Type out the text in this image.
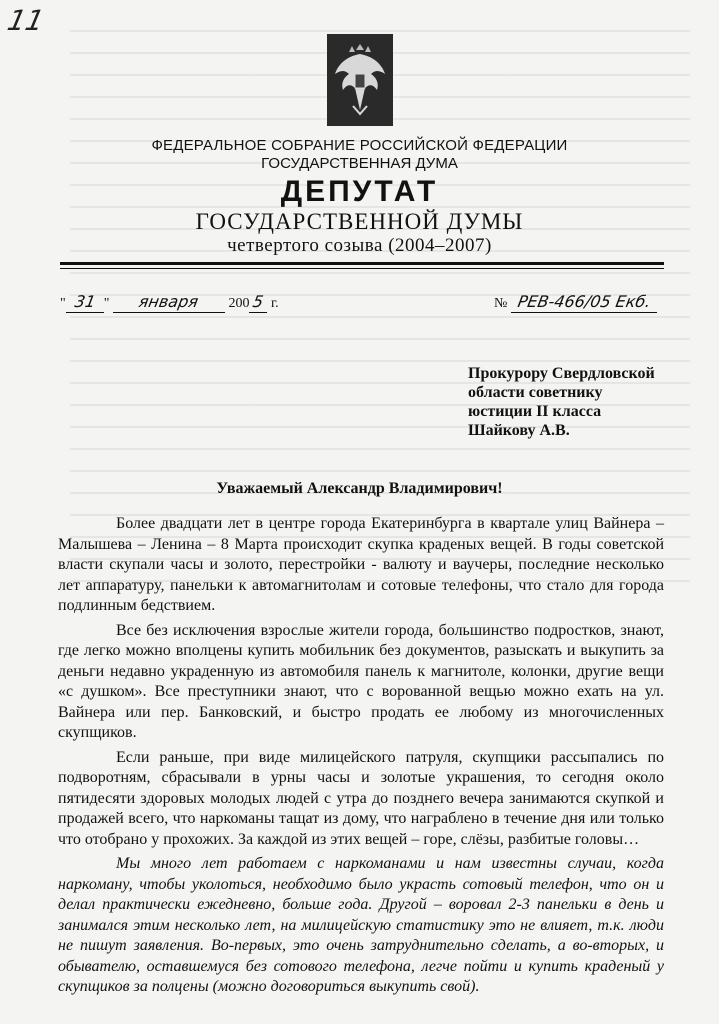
11
ФЕДЕРАЛЬНОЕ СОБРАНИЕ РОССИЙСКОЙ ФЕДЕРАЦИИ
ГОСУДАРСТВЕННАЯ ДУМА
ДЕПУТАТ
ГОСУДАРСТВЕННОЙ ДУМЫ
четвертого созыва (2004–2007)
" 31 " января 200 5 г.	№ РЕВ-466/05 Екб.
Прокурору Свердловской
области советнику
юстиции II класса
Шайкову А.В.
Уважаемый Александр Владимирович!

Более двадцати лет в центре города Екатеринбурга в квартале улиц Вайнера – Малышева – Ленина – 8 Марта происходит скупка краденых вещей. В годы советской власти скупали часы и золото, перестройки - валюту и ваучеры, последние несколько лет аппаратуру, панельки к автомагнитолам и сотовые телефоны, что стало для города подлинным бедствием.

Все без исключения взрослые жители города, большинство подростков, знают, где легко можно вполцены купить мобильник без документов, разыскать и выкупить за деньги недавно украденную из автомобиля панель к магнитоле, колонки, другие вещи «с душком». Все преступники знают, что с ворованной вещью можно ехать на ул. Вайнера или пер. Банковский, и быстро продать ее любому из многочисленных скупщиков.

Если раньше, при виде милицейского патруля, скупщики рассыпались по подворотням, сбрасывали в урны часы и золотые украшения, то сегодня около пятидесяти здоровых молодых людей с утра до позднего вечера занимаются скупкой и продажей всего, что наркоманы тащат из дому, что награблено в течение дня или только что отобрано у прохожих. За каждой из этих вещей – горе, слёзы, разбитые головы…

Мы много лет работаем с наркоманами и нам известны случаи, когда наркоману, чтобы уколоться, необходимо было украсть сотовый телефон, что он и делал практически ежедневно, больше года. Другой – воровал 2-3 панельки в день и занимался этим несколько лет, на милицейскую статистику это не влияет, т.к. люди не пишут заявления. Во-первых, это очень затруднительно сделать, а во-вторых, и обывателю, оставшемуся без сотового телефона, легче пойти и купить краденый у скупщиков за полцены (можно договориться выкупить свой).
